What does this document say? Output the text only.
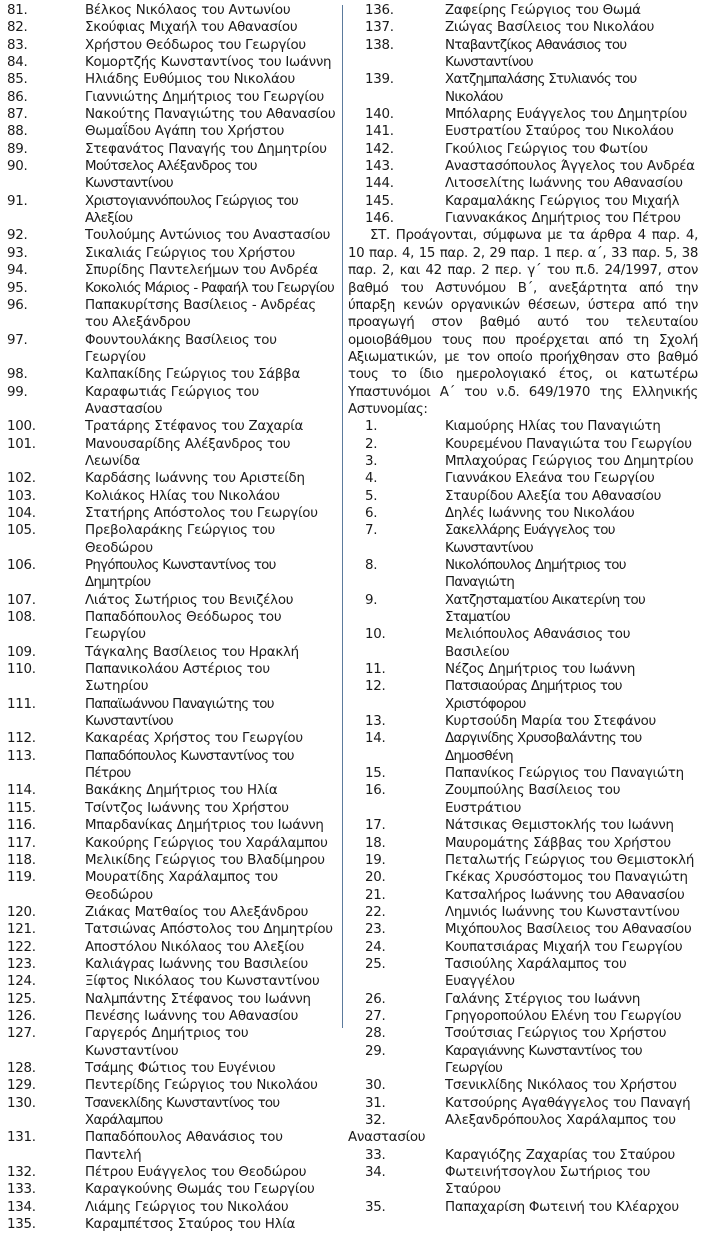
81.	Βέλκος Νικόλαος του Αντωνίου
82.	Σκούφιας Μιχαήλ του Αθανασίου
83.	Χρήστου Θεόδωρος του Γεωργίου
84.	Κομορτζής Κωνσταντίνος του Ιωάννη
85.	Ηλιάδης Ευθύμιος του Νικολάου
86.	Γιαννιώτης Δημήτριος του Γεωργίου
87.	Νακούτης Παναγιώτης του Αθανασίου
88.	Θωμαΐδου Αγάπη του Χρήστου
89.	Στεφανάτος Παναγής του Δημητρίου
90.	Μούτσελος Αλέξανδρος του Κωνσταντίνου
91.	Χριστογιαννόπουλος Γεώργιος του Αλεξίου
92.	Τουλούμης Αντώνιος του Αναστασίου
93.	Σικαλιάς Γεώργιος του Χρήστου
94.	Σπυρίδης Παντελεήμων του Ανδρέα
95.	Κοκολιός Μάριος - Ραφαήλ του Γεωργίου
96.	Παπακυρίτσης Βασίλειος - Ανδρέας του Αλεξάνδρου
97.	Φουντουλάκης Βασίλειος του Γεωργίου
98.	Καλπακίδης Γεώργιος του Σάββα
99.	Καραφωτιάς Γεώργιος του Αναστασίου
100.	Τρατάρης Στέφανος του Ζαχαρία
101.	Μανουσαρίδης Αλέξανδρος του Λεωνίδα
102.	Καρδάσης Ιωάννης του Αριστείδη
103.	Κολιάκος Ηλίας του Νικολάου
104.	Στατήρης Απόστολος του Γεωργίου
105.	Πρεβολαράκης Γεώργιος του Θεοδώρου
106.	Ρηγόπουλος Κωνσταντίνος του Δημητρίου
107.	Λιάτος Σωτήριος του Βενιζέλου
108.	Παπαδόπουλος Θεόδωρος του Γεωργίου
109.	Τάγκαλης Βασίλειος του Ηρακλή
110.	Παπανικολάου Αστέριος του Σωτηρίου
111.	Παπαϊωάννου Παναγιώτης του Κωνσταντίνου
112.	Κακαρέας Χρήστος του Γεωργίου
113.	Παπαδόπουλος Κωνσταντίνος του Πέτρου
114.	Βακάκης Δημήτριος του Ηλία
115.	Τσίντζος Ιωάννης του Χρήστου
116.	Μπαρδανίκας Δημήτριος του Ιωάννη
117.	Κακούρης Γεώργιος του Χαράλαμπου
118.	Μελικίδης Γεώργιος του Βλαδίμηρου
119.	Μουρατίδης Χαράλαμπος του Θεοδώρου
120.	Ζιάκας Ματθαίος του Αλεξάνδρου
121.	Τατσιώνας Απόστολος του Δημητρίου
122.	Αποστόλου Νικόλαος του Αλεξίου
123.	Καλιάγρας Ιωάννης του Βασιλείου
124.	Ξίφτος Νικόλαος του Κωνσταντίνου
125.	Ναλμπάντης Στέφανος του Ιωάννη
126.	Πενέσης Ιωάννης του Αθανασίου
127.	Γαργερός Δημήτριος του Κωνσταντίνου
128.	Τσάμης Φώτιος του Ευγένιου
129.	Πεντερίδης Γεώργιος του Νικολάου
130.	Τσανεκλίδης Κωνσταντίνος του Χαράλαμπου
131.	Παπαδόπουλος Αθανάσιος του Παντελή
132.	Πέτρου Ευάγγελος του Θεοδώρου
133.	Καραγκούνης Θωμάς του Γεωργίου
134.	Λιάμης Γεώργιος του Νικολάου
135.	Καραμπέτσος Σταύρος του Ηλία
136.	Ζαφείρης Γεώργιος του Θωμά
137.	Ζιώγας Βασίλειος του Νικολάου
138.	Νταβαντζίκος Αθανάσιος του Κωνσταντίνου
139.	Χατζημπαλάσης Στυλιανός του Νικολάου
140.	Μπόλαρης Ευάγγελος του Δημητρίου
141.	Ευστρατίου Σταύρος του Νικολάου
142.	Γκούλιος Γεώργιος του Φωτίου
143.	Αναστασόπουλος Άγγελος του Ανδρέα
144.	Λιτοσελίτης Ιωάννης του Αθανασίου
145.	Καραμαλάκης Γεώργιος του Μιχαήλ
146.	Γιαννακάκος Δημήτριος του Πέτρου
ΣΤ. Προάγονται, σύμφωνα με τα άρθρα 4 παρ. 4, 10 παρ. 4, 15 παρ. 2, 29 παρ. 1 περ. α΄, 33 παρ. 5, 38 παρ. 2, και 42 παρ. 2 περ. γ΄ του π.δ. 24/1997, στον βαθμό του Αστυνόμου Β΄, ανεξάρτητα από την ύπαρξη κενών οργανικών θέσεων, ύστερα από την προαγωγή στον βαθμό αυτό του τελευταίου ομοιοβάθμου τους που προέρχεται από τη Σχολή Αξιωματικών, με τον οποίο προήχθησαν στο βαθμό τους το ίδιο ημερολογιακό έτος, οι κατωτέρω Υπαστυνόμοι Α΄ του ν.δ. 649/1970 της Ελληνικής Αστυνομίας:
1.	Κιαμούρης Ηλίας του Παναγιώτη
2.	Κουρεμένου Παναγιώτα του Γεωργίου
3.	Μπλαχούρας Γεώργιος του Δημητρίου
4.	Γιαννάκου Ελεάνα του Γεωργίου
5.	Σταυρίδου Αλεξία του Αθανασίου
6.	Δηλές Ιωάννης του Νικολάου
7.	Σακελλάρης Ευάγγελος του Κωνσταντίνου
8.	Νικολόπουλος Δημήτριος του Παναγιώτη
9.	Χατζησταματίου Αικατερίνη του Σταματίου
10.	Μελιόπουλος Αθανάσιος του Βασιλείου
11.	Νέζος Δημήτριος του Ιωάννη
12.	Πατσιαούρας Δημήτριος του Χριστόφορου
13.	Κυρτσούδη Μαρία του Στεφάνου
14.	Δαργινίδης Χρυσοβαλάντης του Δημοσθένη
15.	Παπανίκος Γεώργιος του Παναγιώτη
16.	Ζουμπούλης Βασίλειος του Ευστράτιου
17.	Νάτσικας Θεμιστοκλής του Ιωάννη
18.	Μαυρομάτης Σάββας του Χρήστου
19.	Πεταλωτής Γεώργιος του Θεμιστοκλή
20.	Γκέκας Χρυσόστομος του Παναγιώτη
21.	Κατσαλήρος Ιωάννης του Αθανασίου
22.	Λημνιός Ιωάννης του Κωνσταντίνου
23.	Μιχόπουλος Βασίλειος του Αθανασίου
24.	Κουπατσιάρας Μιχαήλ του Γεωργίου
25.	Τασιούλης Χαράλαμπος του Ευαγγέλου
26.	Γαλάνης Στέργιος του Ιωάννη
27.	Γρηγοροπούλου Ελένη του Γεωργίου
28.	Τσούτσιας Γεώργιος του Χρήστου
29.	Καραγιάννης Κωνσταντίνος του Γεωργίου
30.	Τσενικλίδης Νικόλαος του Χρήστου
31.	Κατσούρης Αγαθάγγελος του Παναγή
32.	Αλεξανδρόπουλος Χαράλαμπος του
Αναστασίου
33.	Καραγιόζης Ζαχαρίας του Σταύρου
34.	Φωτεινήτσογλου Σωτήριος του Σταύρου
35.	Παπαχαρίση Φωτεινή του Κλέαρχου
